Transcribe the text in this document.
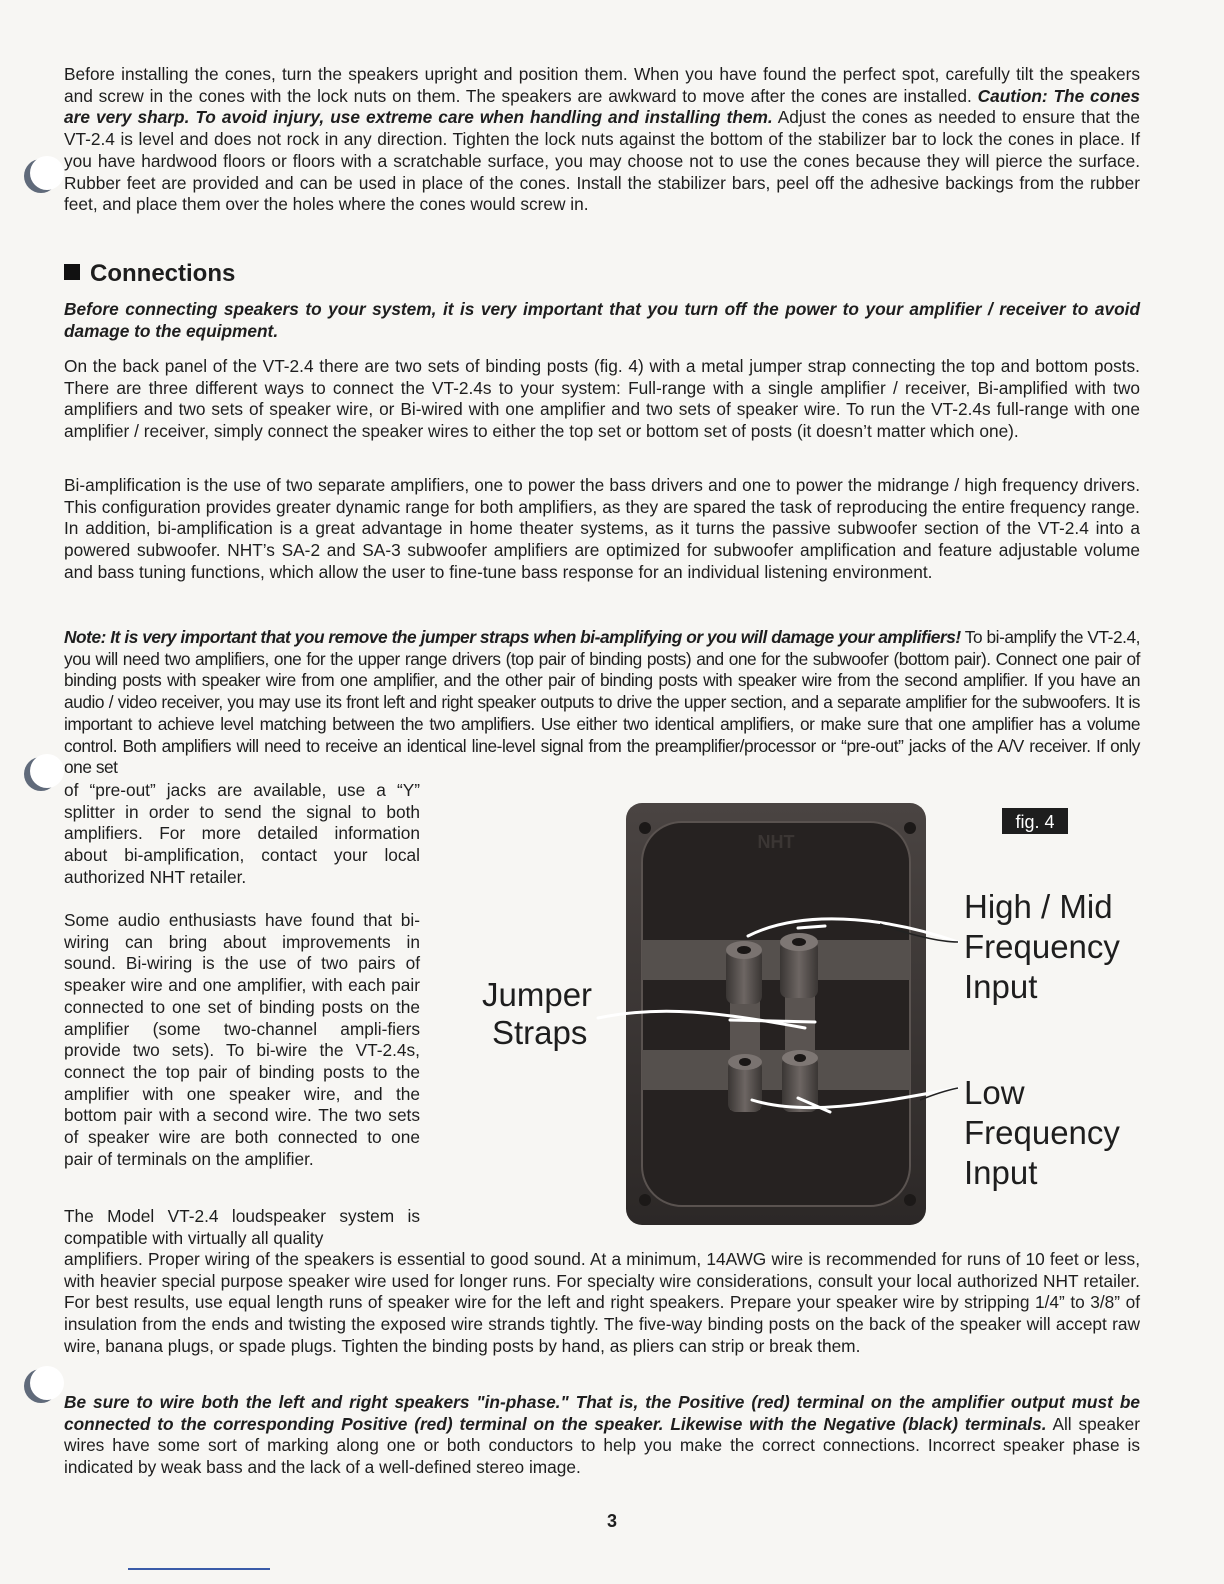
Before installing the cones, turn the speakers upright and position them. When you have found the perfect spot, carefully tilt the speakers and screw in the cones with the lock nuts on them. The speakers are awkward to move after the cones are installed. Caution: The cones are very sharp. To avoid injury, use extreme care when handling and installing them. Adjust the cones as needed to ensure that the VT-2.4 is level and does not rock in any direction. Tighten the lock nuts against the bottom of the stabilizer bar to lock the cones in place. If you have hardwood floors or floors with a scratchable surface, you may choose not to use the cones because they will pierce the surface. Rubber feet are provided and can be used in place of the cones. Install the stabilizer bars, peel off the adhesive backings from the rubber feet, and place them over the holes where the cones would screw in.

Connections

Before connecting speakers to your system, it is very important that you turn off the power to your amplifier / receiver to avoid damage to the equipment.

On the back panel of the VT-2.4 there are two sets of binding posts (fig. 4) with a metal jumper strap connecting the top and bottom posts. There are three different ways to connect the VT-2.4s to your system: Full-range with a single amplifier / receiver, Bi-amplified with two amplifiers and two sets of speaker wire, or Bi-wired with one amplifier and two sets of speaker wire. To run the VT-2.4s full-range with one amplifier / receiver, simply connect the speaker wires to either the top set or bottom set of posts (it doesn’t matter which one).

Bi-amplification is the use of two separate amplifiers, one to power the bass drivers and one to power the midrange / high frequency drivers. This configuration provides greater dynamic range for both amplifiers, as they are spared the task of reproducing the entire frequency range. In addition, bi-amplification is a great advantage in home theater systems, as it turns the passive subwoofer section of the VT-2.4 into a powered subwoofer. NHT’s SA-2 and SA-3 subwoofer amplifiers are optimized for subwoofer amplification and feature adjustable volume and bass tuning functions, which allow the user to fine-tune bass response for an individual listening environment.

Note: It is very important that you remove the jumper straps when bi-amplifying or you will damage your amplifiers! To bi-amplify the VT-2.4, you will need two amplifiers, one for the upper range drivers (top pair of binding posts) and one for the subwoofer (bottom pair). Connect one pair of binding posts with speaker wire from one amplifier, and the other pair of binding posts with speaker wire from the second amplifier. If you have an audio / video receiver, you may use its front left and right speaker outputs to drive the upper section, and a separate amplifier for the subwoofers. It is important to achieve level matching between the two amplifiers. Use either two identical amplifiers, or make sure that one amplifier has a volume control. Both amplifiers will need to receive an identical line-level signal from the preamplifier/processor or “pre-out” jacks of the A/V receiver. If only one set

of “pre-out” jacks are available, use a “Y” splitter in order to send the signal to both amplifiers. For more detailed information about bi-amplification, contact your local authorized NHT retailer.

Some audio enthusiasts have found that bi-wiring can bring about improvements in sound. Bi-wiring is the use of two pairs of speaker wire and one amplifier, with each pair connected to one set of binding posts on the amplifier (some two-channel ampli-fiers provide two sets). To bi-wire the VT-2.4s, connect the top pair of binding posts to the amplifier with one speaker wire, and the bottom pair with a second wire. The two sets of speaker wire are both connected to one pair of terminals on the amplifier.

The Model VT-2.4 loudspeaker system is compatible with virtually all quality

amplifiers. Proper wiring of the speakers is essential to good sound. At a minimum, 14AWG wire is recommended for runs of 10 feet or less, with heavier special purpose speaker wire used for longer runs. For specialty wire considerations, consult your local authorized NHT retailer. For best results, use equal length runs of speaker wire for the left and right speakers. Prepare your speaker wire by stripping 1/4” to 3/8” of insulation from the ends and twisting the exposed wire strands tightly. The five-way binding posts on the back of the speaker will accept raw wire, banana plugs, or spade plugs. Tighten the binding posts by hand, as pliers can strip or break them.

Be sure to wire both the left and right speakers "in-phase." That is, the Positive (red) terminal on the amplifier output must be connected to the corresponding Positive (red) terminal on the speaker. Likewise with the Negative (black) terminals. All speaker wires have some sort of marking along one or both conductors to help you make the correct connections. Incorrect speaker phase is indicated by weak bass and the lack of a well-defined stereo image.

NHT
fig. 4
High / Mid
Frequency
Input
Jumper
Straps
Low
Frequency
Input
3
